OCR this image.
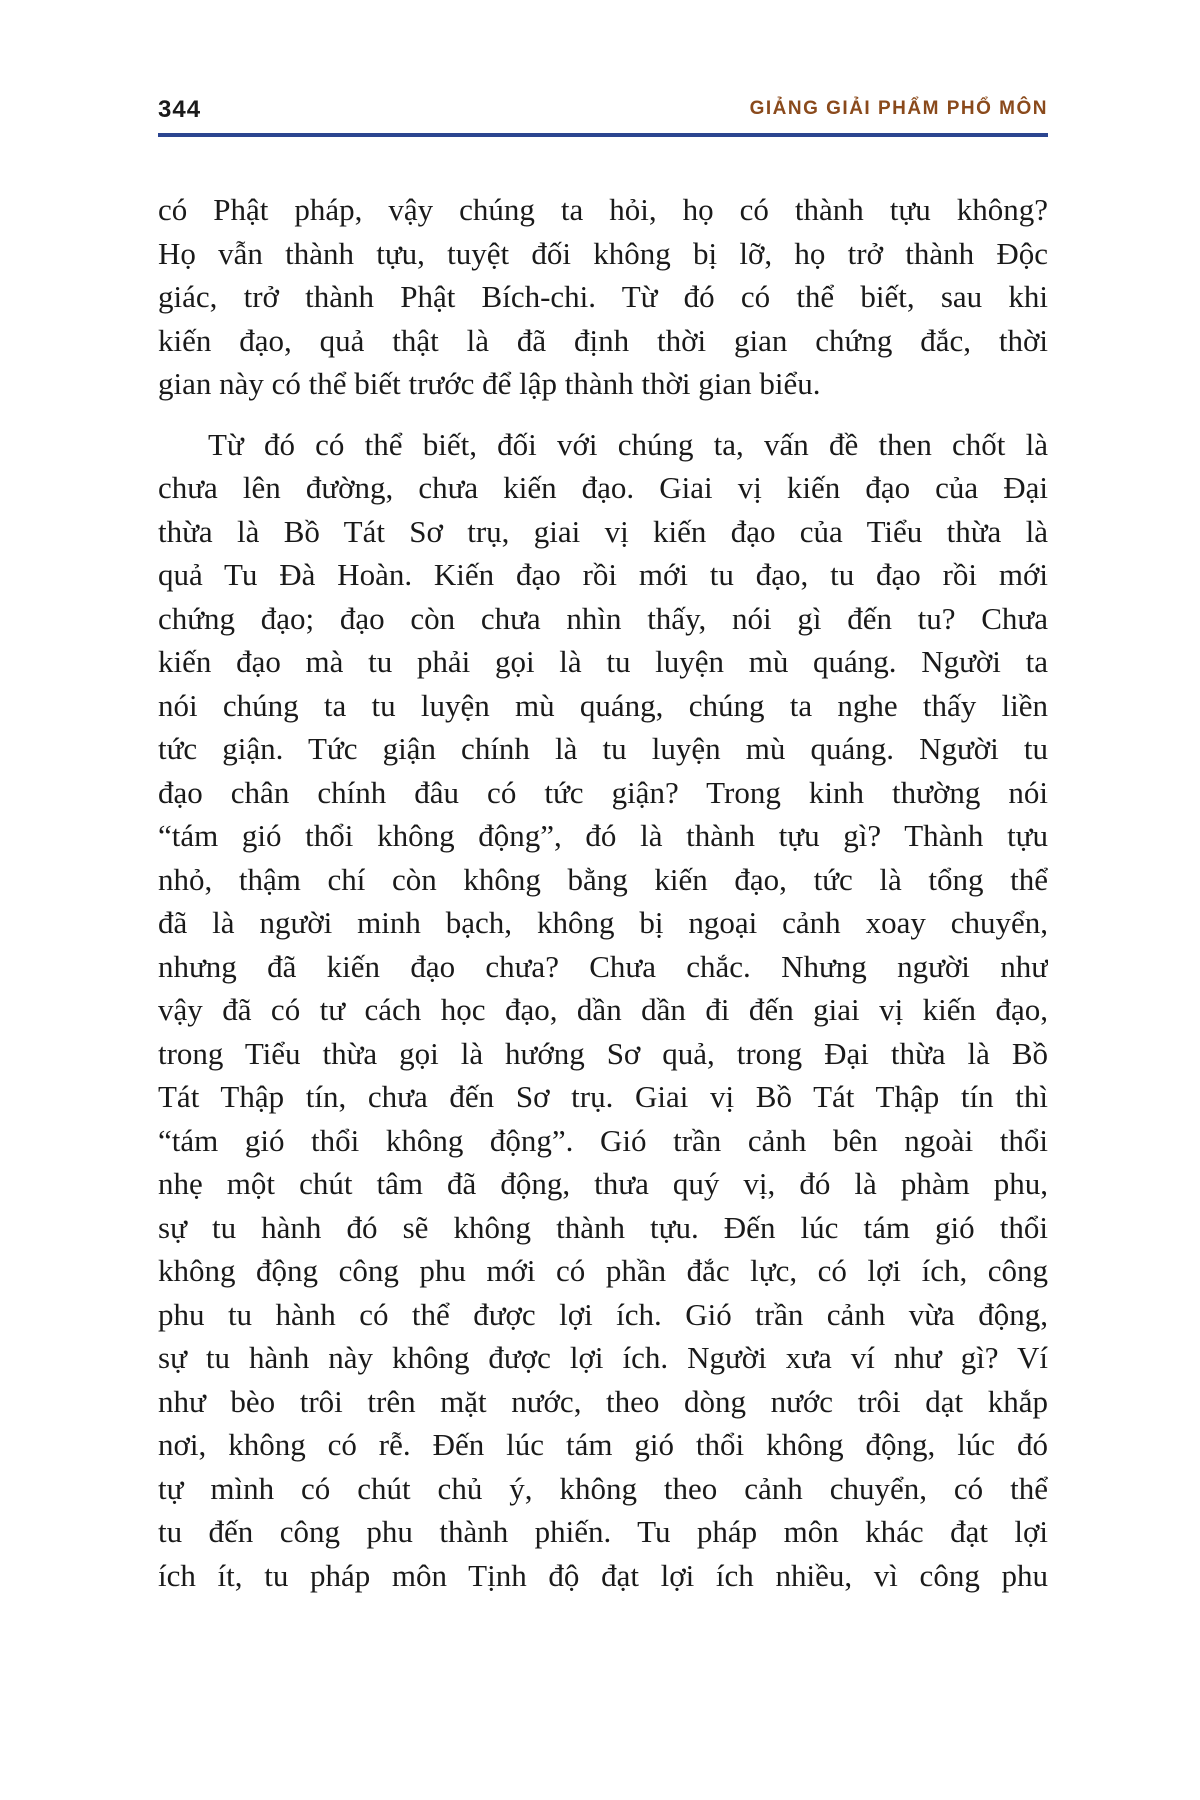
344	GIẢNG GIẢI PHẨM PHỔ MÔN
có Phật pháp, vậy chúng ta hỏi, họ có thành tựu không?
Họ vẫn thành tựu, tuyệt đối không bị lỡ, họ trở thành Độc
giác, trở thành Phật Bích-chi. Từ đó có thể biết, sau khi
kiến đạo, quả thật là đã định thời gian chứng đắc, thời
gian này có thể biết trước để lập thành thời gian biểu.
Từ đó có thể biết, đối với chúng ta, vấn đề then chốt là
chưa lên đường, chưa kiến đạo. Giai vị kiến đạo của Đại
thừa là Bồ Tát Sơ trụ, giai vị kiến đạo của Tiểu thừa là
quả Tu Đà Hoàn. Kiến đạo rồi mới tu đạo, tu đạo rồi mới
chứng đạo; đạo còn chưa nhìn thấy, nói gì đến tu? Chưa
kiến đạo mà tu phải gọi là tu luyện mù quáng. Người ta
nói chúng ta tu luyện mù quáng, chúng ta nghe thấy liền
tức giận. Tức giận chính là tu luyện mù quáng. Người tu
đạo chân chính đâu có tức giận? Trong kinh thường nói
“tám gió thổi không động”, đó là thành tựu gì? Thành tựu
nhỏ, thậm chí còn không bằng kiến đạo, tức là tổng thể
đã là người minh bạch, không bị ngoại cảnh xoay chuyển,
nhưng đã kiến đạo chưa? Chưa chắc. Nhưng người như
vậy đã có tư cách học đạo, dần dần đi đến giai vị kiến đạo,
trong Tiểu thừa gọi là hướng Sơ quả, trong Đại thừa là Bồ
Tát Thập tín, chưa đến Sơ trụ. Giai vị Bồ Tát Thập tín thì
“tám gió thổi không động”. Gió trần cảnh bên ngoài thổi
nhẹ một chút tâm đã động, thưa quý vị, đó là phàm phu,
sự tu hành đó sẽ không thành tựu. Đến lúc tám gió thổi
không động công phu mới có phần đắc lực, có lợi ích, công
phu tu hành có thể được lợi ích. Gió trần cảnh vừa động,
sự tu hành này không được lợi ích. Người xưa ví như gì? Ví
như bèo trôi trên mặt nước, theo dòng nước trôi dạt khắp
nơi, không có rễ. Đến lúc tám gió thổi không động, lúc đó
tự mình có chút chủ ý, không theo cảnh chuyển, có thể
tu đến công phu thành phiến. Tu pháp môn khác đạt lợi
ích ít, tu pháp môn Tịnh độ đạt lợi ích nhiều, vì công phu
